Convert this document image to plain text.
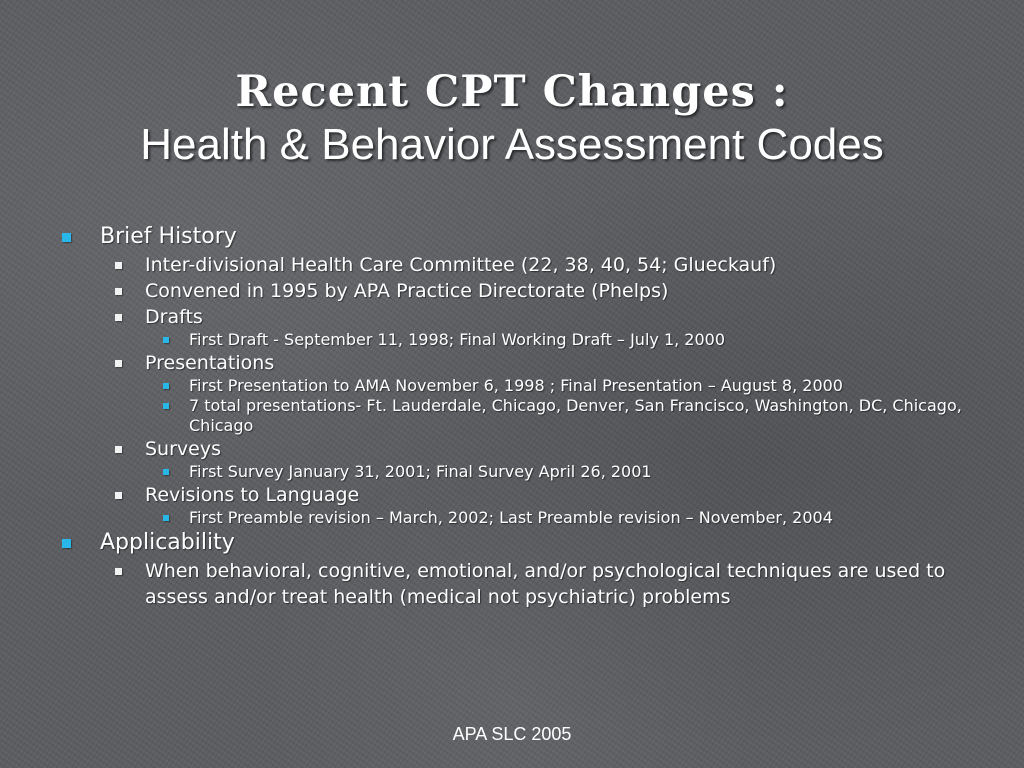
Recent CPT Changes :
Health & Behavior Assessment Codes
Brief History
Inter-divisional Health Care Committee (22, 38, 40, 54; Glueckauf)
Convened in 1995 by APA Practice Directorate (Phelps)
Drafts
First Draft - September 11, 1998; Final Working Draft – July 1, 2000
Presentations
First Presentation to AMA November 6, 1998 ; Final Presentation – August 8, 2000
7 total presentations- Ft. Lauderdale, Chicago, Denver, San Francisco, Washington, DC, Chicago, Chicago
Surveys
First Survey January 31, 2001; Final Survey April 26, 2001
Revisions to Language
First Preamble revision – March, 2002; Last Preamble revision – November, 2004
Applicability
When behavioral, cognitive, emotional, and/or psychological techniques are used to assess and/or treat health (medical not psychiatric) problems
APA SLC 2005
